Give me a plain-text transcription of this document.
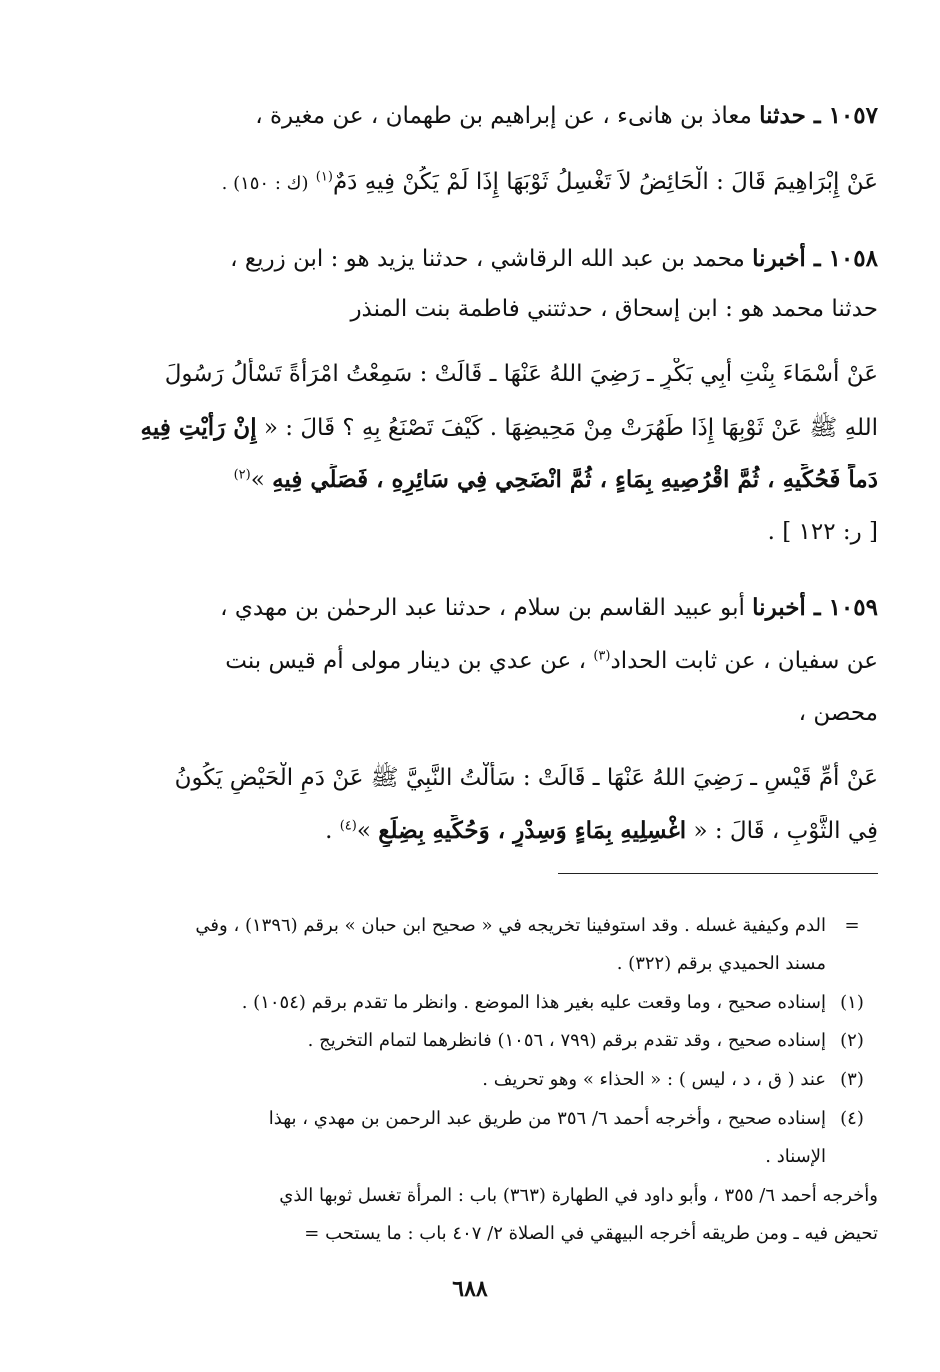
١٠٥٧ ـ حدثنا معاذ بن هانىء ، عن إبراهيم بن طهمان ، عن مغيرة ،
عَنْ إِبْرَاهِيمَ قَالَ : الْحَائِضُ لاَ تَغْسِلُ ثَوْبَهَا إِذَا لَمْ يَكُنْ فِيهِ دَمٌ$^{(١)}$ (ك : ١٥٠) .
١٠٥٨ ـ أخبرنا محمد بن عبد الله الرقاشي ، حدثنا يزيد هو : ابن زريع ،
حدثنا محمد هو : ابن إسحاق ، حدثتني فاطمة بنت المنذر
عَنْ أَسْمَاءَ بِنْتِ أَبِي بَكْرٍ ـ رَضِيَ اللهُ عَنْهَا ـ قَالَتْ : سَمِعْتُ امْرَأَةً تَسْأَلُ رَسُولَ
اللهِ ﷺ عَنْ ثَوْبِهَا إِذَا طَهُرَتْ مِنْ مَحِيضِهَا . كَيْفَ تَصْنَعُ بِهِ ؟ قَالَ : « إِنْ رَأَيْتِ فِيهِ
دَماً فَحُكِّيهِ ، ثُمَّ اقْرُصِيهِ بِمَاءٍ ، ثُمَّ انْضَحِي فِي سَائِرِهِ ، فَصَلِّي فِيهِ »$^{(٢)}$
[ ر: ١٢٢ ] .
١٠٥٩ ـ أخبرنا أبو عبيد القاسم بن سلام ، حدثنا عبد الرحمٰن بن مهدي ،
عن سفيان ، عن ثابت الحداد$^{(٣)}$ ، عن عدي بن دينار مولى أم قيس بنت
محصن ،
عَنْ أُمِّ قَيْسٍ ـ رَضِيَ اللهُ عَنْهَا ـ قَالَتْ : سَأَلْتُ النَّبِيَّ ﷺ عَنْ دَمِ الْحَيْضِ يَكُونُ
فِي الثَّوْبِ ، قَالَ : « اغْسِلِيهِ بِمَاءٍ وَسِدْرٍ ، وَحُكِّيهِ بِضِلَعٍ »$^{(٤)}$ .
=الدم وكيفية غسله . وقد استوفينا تخريجه في « صحيح ابن حبان » برقم (١٣٩٦) ، وفي
مسند الحميدي برقم (٣٢٢) .
(١)إسناده صحيح ، وما وقعت عليه بغير هذا الموضع . وانظر ما تقدم برقم (١٠٥٤) .
(٢)إسناده صحيح ، وقد تقدم برقم (٧٩٩ ، ١٠٥٦) فانظرهما لتمام التخريج .
(٣)عند ( ق ، د ، ليس ) : « الحذاء » وهو تحريف .
(٤)إسناده صحيح ، وأخرجه أحمد ٦/ ٣٥٦ من طريق عبد الرحمن بن مهدي ، بهذا
الإسناد .
وأخرجه أحمد ٦/ ٣٥٥ ، وأبو داود في الطهارة (٣٦٣) باب : المرأة تغسل ثوبها الذي
تحيض فيه ـ ومن طريقه أخرجه البيهقي في الصلاة ٢/ ٤٠٧ باب : ما يستحب =
٦٨٨
